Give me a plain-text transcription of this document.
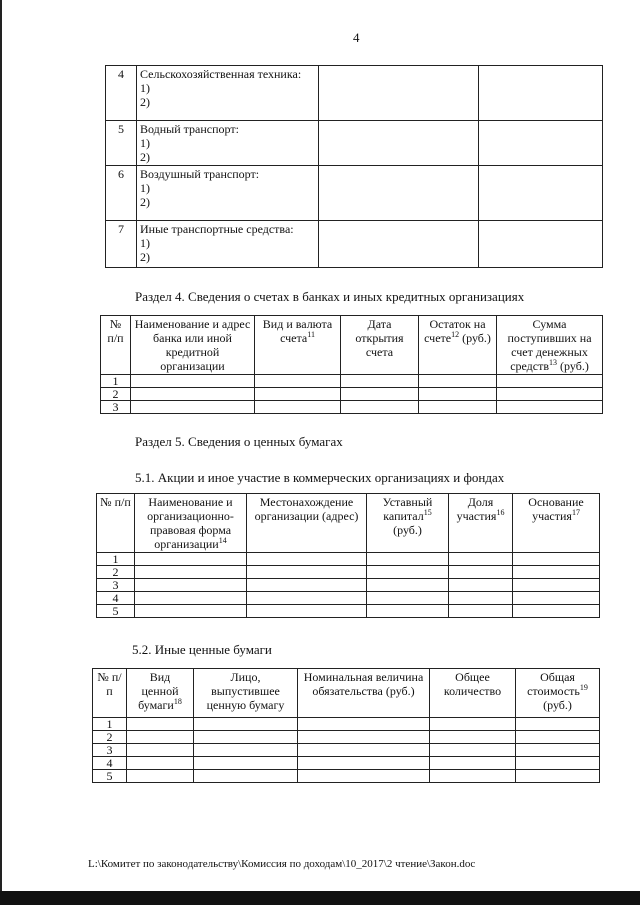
4
4	Сельскохозяйственная техника:
1)
2)		

5	Водный транспорт:
1)
2)		

6	Воздушный транспорт:
1)
2)		

7	Иные транспортные средства:
1)
2)		

Раздел 4. Сведения о счетах в банках и иных кредитных организациях
№ п/п	Наименование и адрес банка или иной кредитной организации	Вид и валюта счета$^{11}$	Дата открытия счета	Остаток на счете$^{12}$ (руб.)	Сумма поступивших на счет денежных средств$^{13}$ (руб.)
1					
2					
3					
Раздел 5. Сведения о ценных бумагах
5.1. Акции и иное участие в коммерческих организациях и фондах
№ п/п	Наименование и организационно-правовая форма организации$^{14}$	Местонахождение организации (адрес)	Уставный капитал$^{15}$ (руб.)	Доля участия$^{16}$	Основание участия$^{17}$
1					
2					
3					
4					
5					
5.2. Иные ценные бумаги
№ п/п	Вид ценной бумаги$^{18}$	Лицо, выпустившее ценную бумагу	Номинальная величина обязательства (руб.)	Общее количество	Общая стоимость$^{19}$ (руб.)
1					
2					
3					
4					
5					
L:\Комитет по законодательству\Комиссия по доходам\10_2017\2 чтение\Закон.doc
